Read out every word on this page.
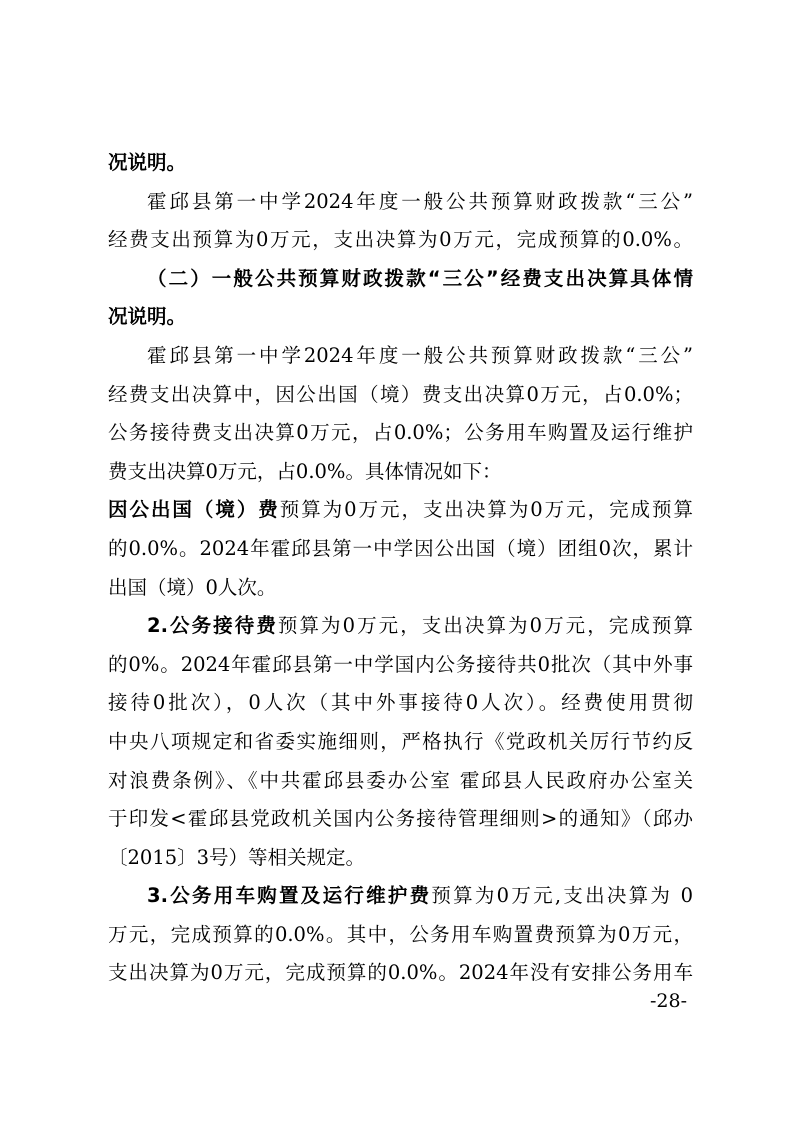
况说明。
霍邱县第一中学2024年度一般公共预算财政拨款“三公”
经费支出预算为0万元，支出决算为0万元，完成预算的0.0%。
（二）一般公共预算财政拨款“三公”经费支出决算具体情
况说明。
霍邱县第一中学2024年度一般公共预算财政拨款“三公”
经费支出决算中，因公出国（境）费支出决算0万元，占0.0%；
公务接待费支出决算0万元，占0.0%；公务用车购置及运行维护
费支出决算0万元，占0.0%。具体情况如下：
因公出国（境）费预算为0万元，支出决算为0万元，完成预算
的0.0%。2024年霍邱县第一中学因公出国（境）团组0次，累计
出国（境）0人次。
2.公务接待费预算为0万元，支出决算为0万元，完成预算
的0%。2024年霍邱县第一中学国内公务接待共0批次（其中外事
接待0批次），0人次（其中外事接待0人次）。经费使用贯彻
中央八项规定和省委实施细则，严格执行《党政机关厉行节约反
对浪费条例》、《中共霍邱县委办公室 霍邱县人民政府办公室关
于印发<霍邱县党政机关国内公务接待管理细则>的通知》（邱办
〔2015〕3号）等相关规定。
3.公务用车购置及运行维护费预算为0万元,支出决算为 0
万元，完成预算的0.0%。其中，公务用车购置费预算为0万元，
支出决算为0万元，完成预算的0.0%。2024年没有安排公务用车
-28-
